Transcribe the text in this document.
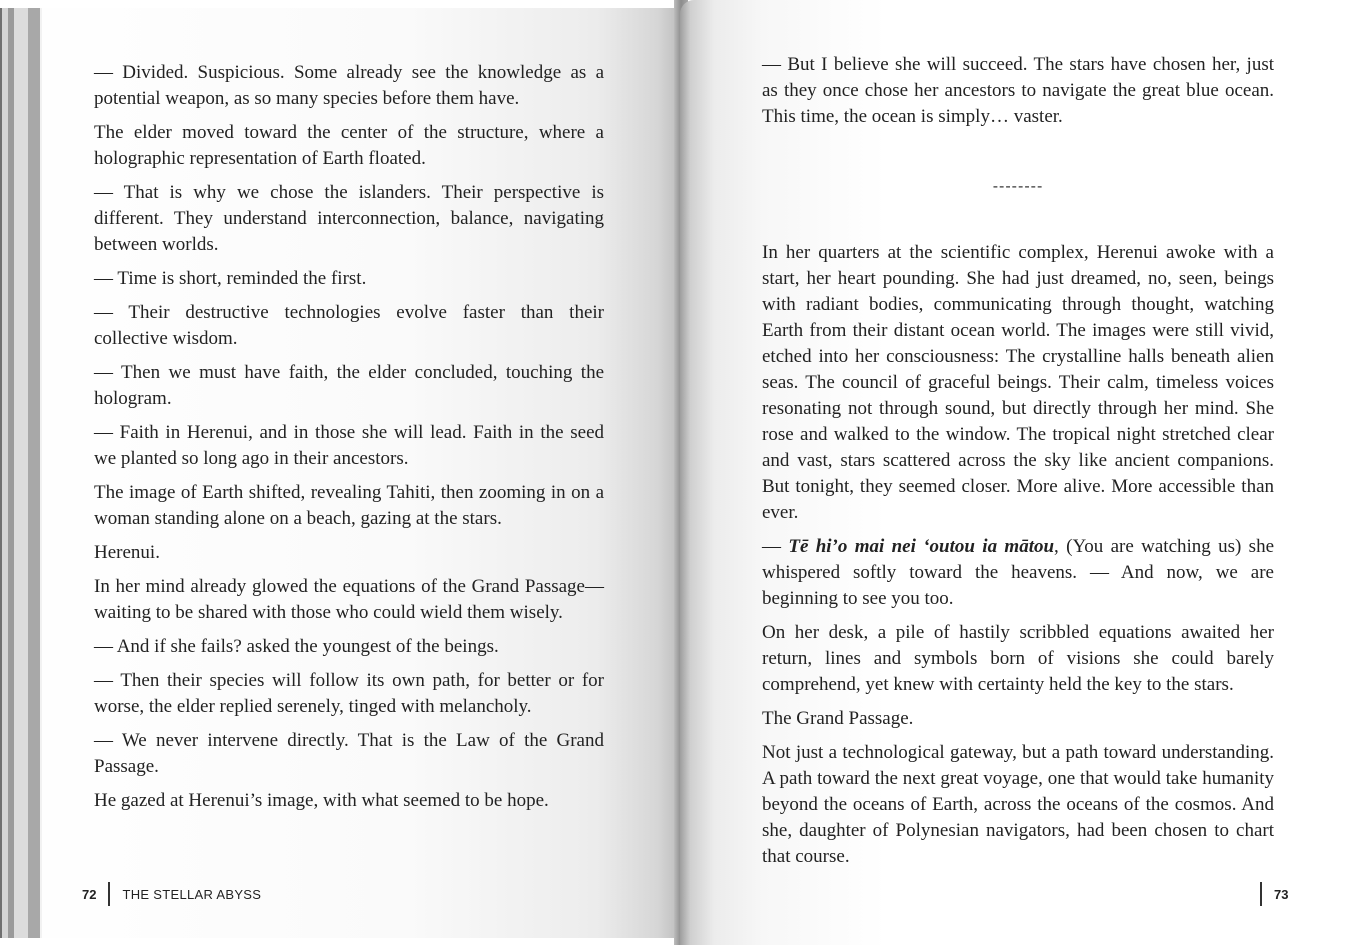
— Divided. Suspicious. Some already see the knowledge as a potential weapon, as so many species before them have.

The elder moved toward the center of the structure, where a holographic representation of Earth floated.

— That is why we chose the islanders. Their perspective is different. They understand interconnection, balance, navigating between worlds.

— Time is short, reminded the first.

— Their destructive technologies evolve faster than their collective wisdom.

— Then we must have faith, the elder concluded, touching the hologram.

— Faith in Herenui, and in those she will lead. Faith in the seed we planted so long ago in their ancestors.

The image of Earth shifted, revealing Tahiti, then zooming in on a woman standing alone on a beach, gazing at the stars.

Herenui.

In her mind already glowed the equations of the Grand Passage—waiting to be shared with those who could wield them wisely.

— And if she fails? asked the youngest of the beings.

— Then their species will follow its own path, for better or for worse, the elder replied serenely, tinged with melancholy.

— We never intervene directly. That is the Law of the Grand Passage.

He gazed at Herenui’s image, with what seemed to be hope.

72 THE STELLAR ABYSS

— But I believe she will succeed. The stars have chosen her, just as they once chose her ancestors to navigate the great blue ocean. This time, the ocean is simply… vaster.

--------

In her quarters at the scientific complex, Herenui awoke with a start, her heart pounding. She had just dreamed, no, seen, beings with radiant bodies, communicating through thought, watching Earth from their distant ocean world. The images were still vivid, etched into her consciousness: The crystalline halls beneath alien seas. The council of graceful beings. Their calm, timeless voices resonating not through sound, but directly through her mind. She rose and walked to the window. The tropical night stretched clear and vast, stars scattered across the sky like ancient companions. But tonight, they seemed closer. More alive. More accessible than ever.

— Tē hi’o mai nei ‘outou ia mātou, (You are watching us) she whispered softly toward the heavens. — And now, we are beginning to see you too.

On her desk, a pile of hastily scribbled equations awaited her return, lines and symbols born of visions she could barely comprehend, yet knew with certainty held the key to the stars.

The Grand Passage.

Not just a technological gateway, but a path toward understanding. A path toward the next great voyage, one that would take humanity beyond the oceans of Earth, across the oceans of the cosmos. And she, daughter of Polynesian navigators, had been chosen to chart that course.

73
